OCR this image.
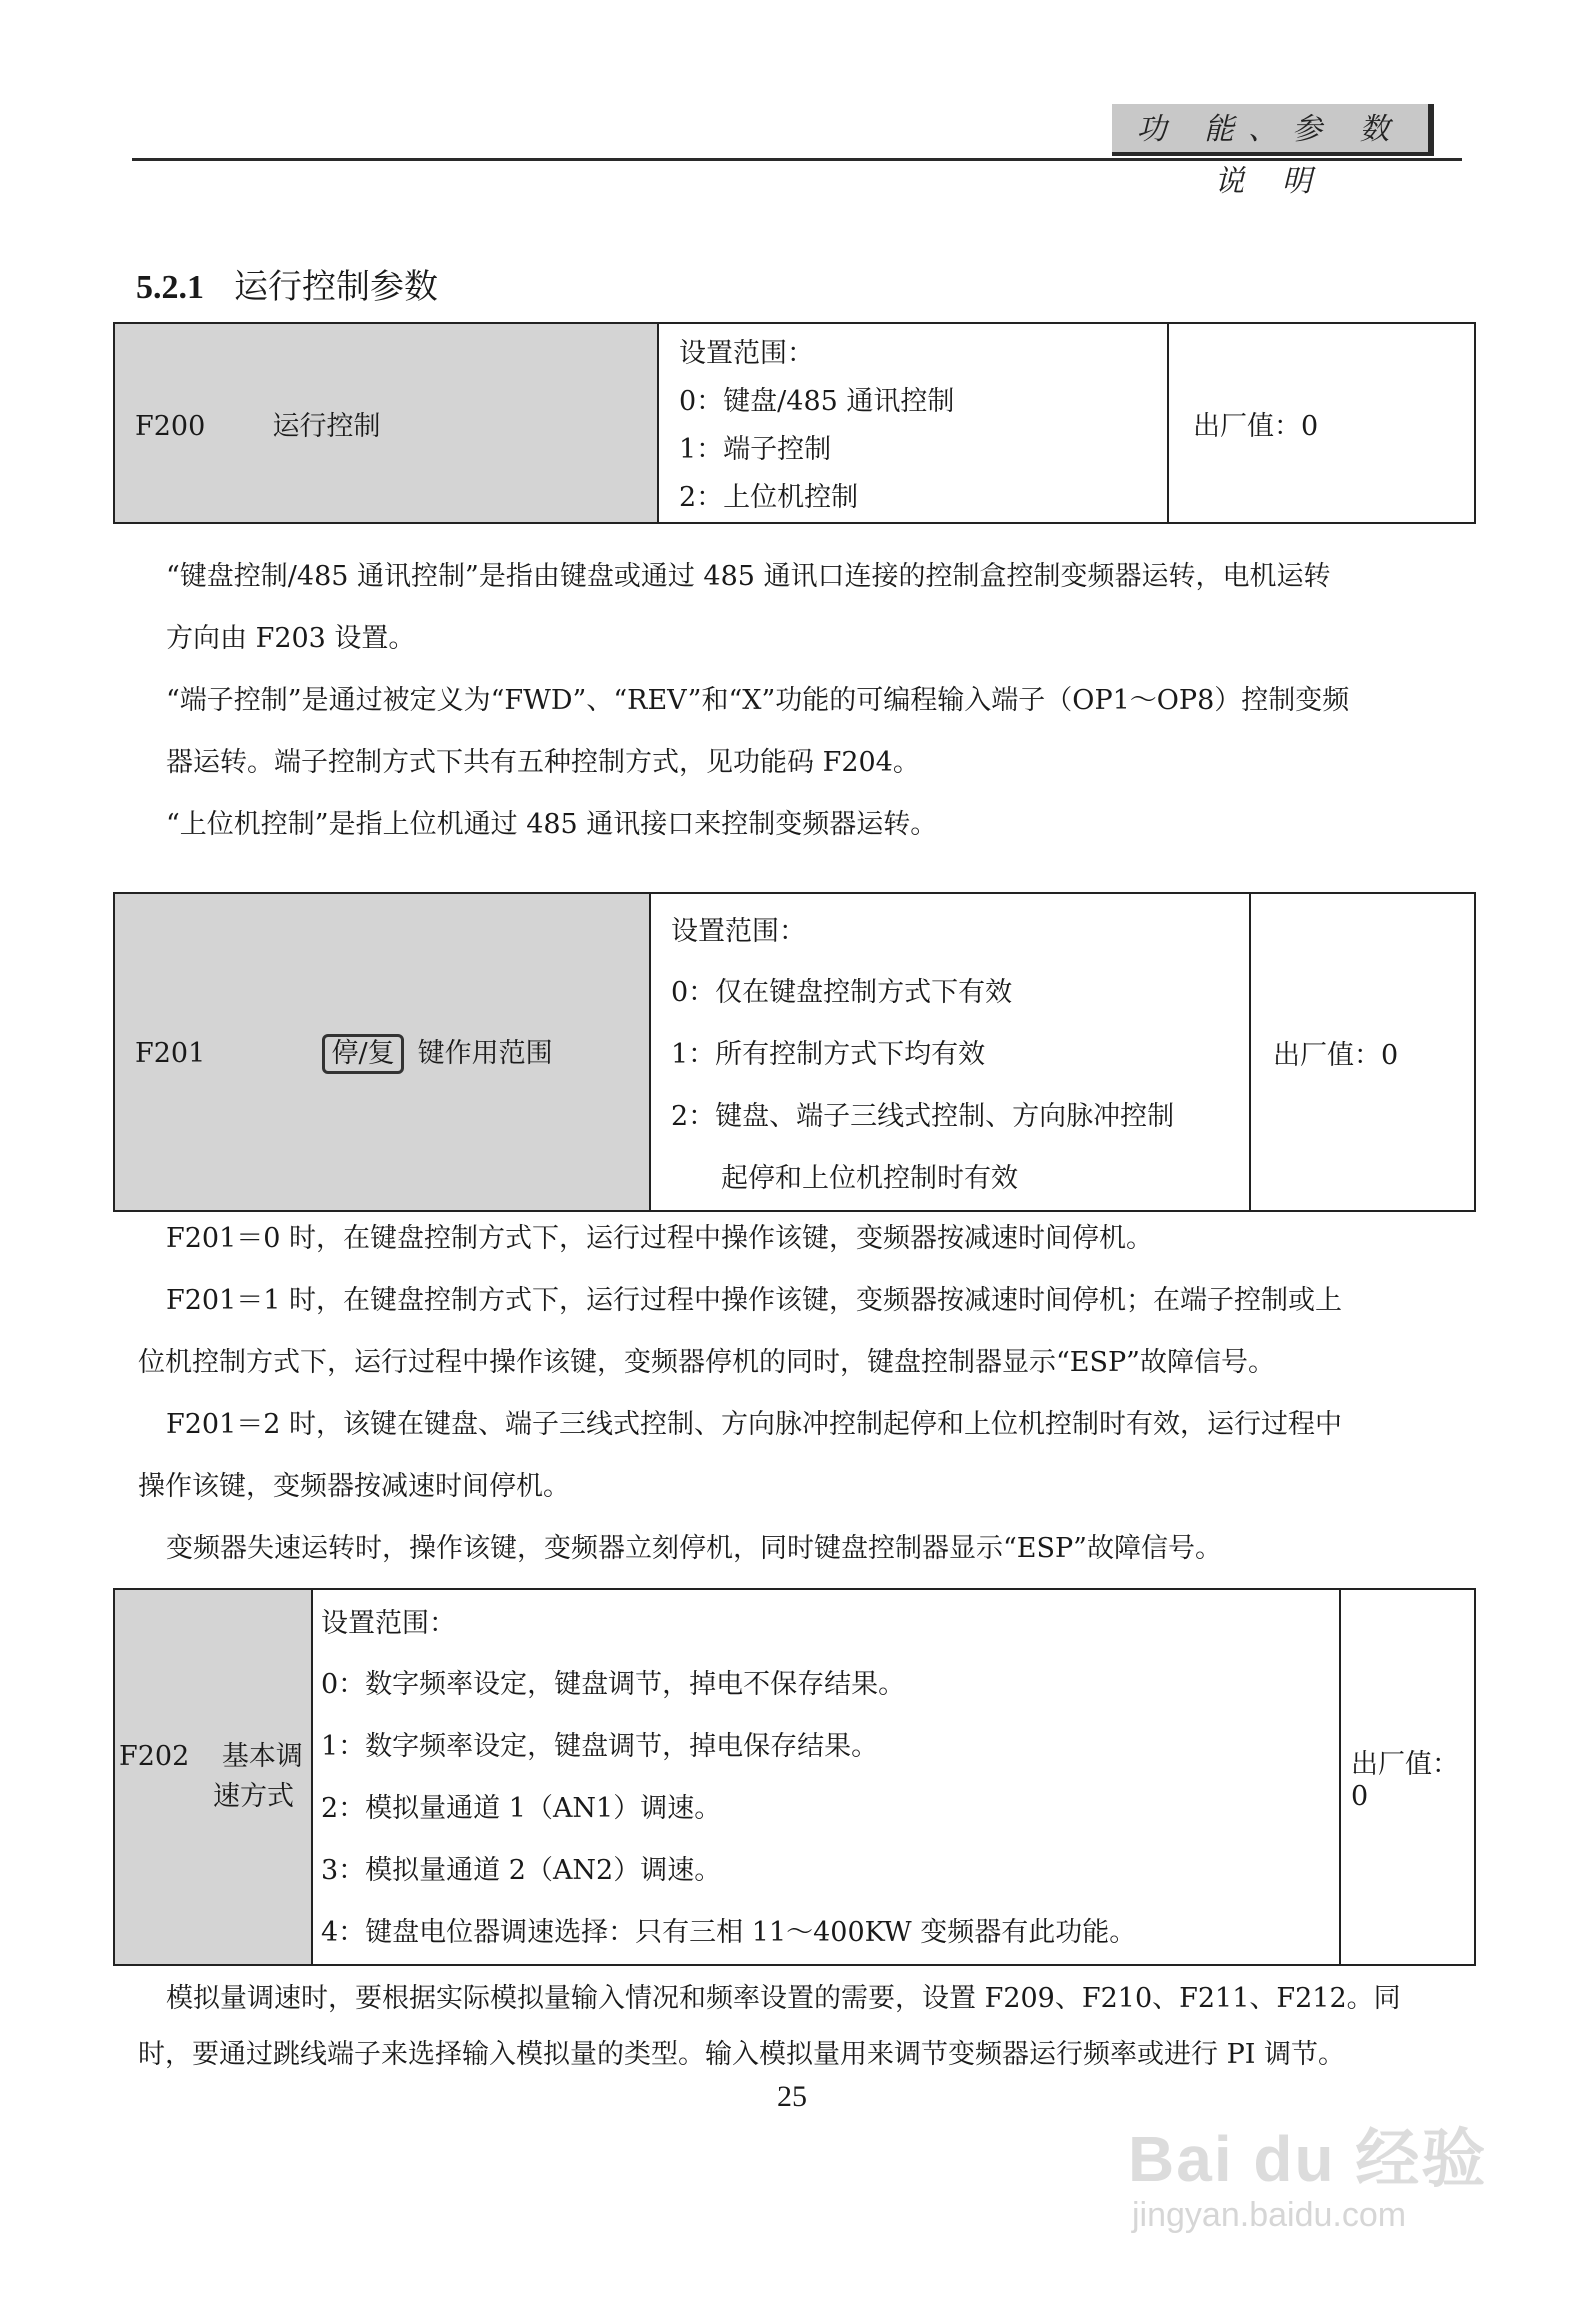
功 能、参 数 说 明
5.2.1 运行控制参数
F200 运行控制	
设置范围：
0：键盘/485 通讯控制
1：端子控制
2：上位机控制
	出厂值：0
“键盘控制/485 通讯控制”是指由键盘或通过 485 通讯口连接的控制盒控制变频器运转，电机运转
方向由 F203 设置。
“端子控制”是通过被定义为“FWD”、“REV”和“X”功能的可编程输入端子（OP1～OP8）控制变频
器运转。端子控制方式下共有五种控制方式，见功能码 F204。
“上位机控制”是指上位机通过 485 通讯接口来控制变频器运转。
F201	停/复 键作用范围	
设置范围：
0：仅在键盘控制方式下有效
1：所有控制方式下均有效
2：键盘、端子三线式控制、方向脉冲控制
起停和上位机控制时有效
	出厂值：0
F201＝0 时，在键盘控制方式下，运行过程中操作该键，变频器按减速时间停机。
F201＝1 时，在键盘控制方式下，运行过程中操作该键，变频器按减速时间停机；在端子控制或上
位机控制方式下，运行过程中操作该键，变频器停机的同时，键盘控制器显示“ESP”故障信号。
F201＝2 时，该键在键盘、端子三线式控制、方向脉冲控制起停和上位机控制时有效，运行过程中
操作该键，变频器按减速时间停机。
变频器失速运转时，操作该键，变频器立刻停机，同时键盘控制器显示“ESP”故障信号。
F202 基本调
速方式

设置范围：
0：数字频率设定，键盘调节，掉电不保存结果。
1：数字频率设定，键盘调节，掉电保存结果。
2：模拟量通道 1（AN1）调速。
3：模拟量通道 2（AN2）调速。
4：键盘电位器调速选择：只有三相 11～400KW 变频器有此功能。
	出厂值：0
模拟量调速时，要根据实际模拟量输入情况和频率设置的需要，设置 F209、F210、F211、F212。同
时，要通过跳线端子来选择输入模拟量的类型。输入模拟量用来调节变频器运行频率或进行 PI 调节。
25
Bai du 经验
jingyan.baidu.com
